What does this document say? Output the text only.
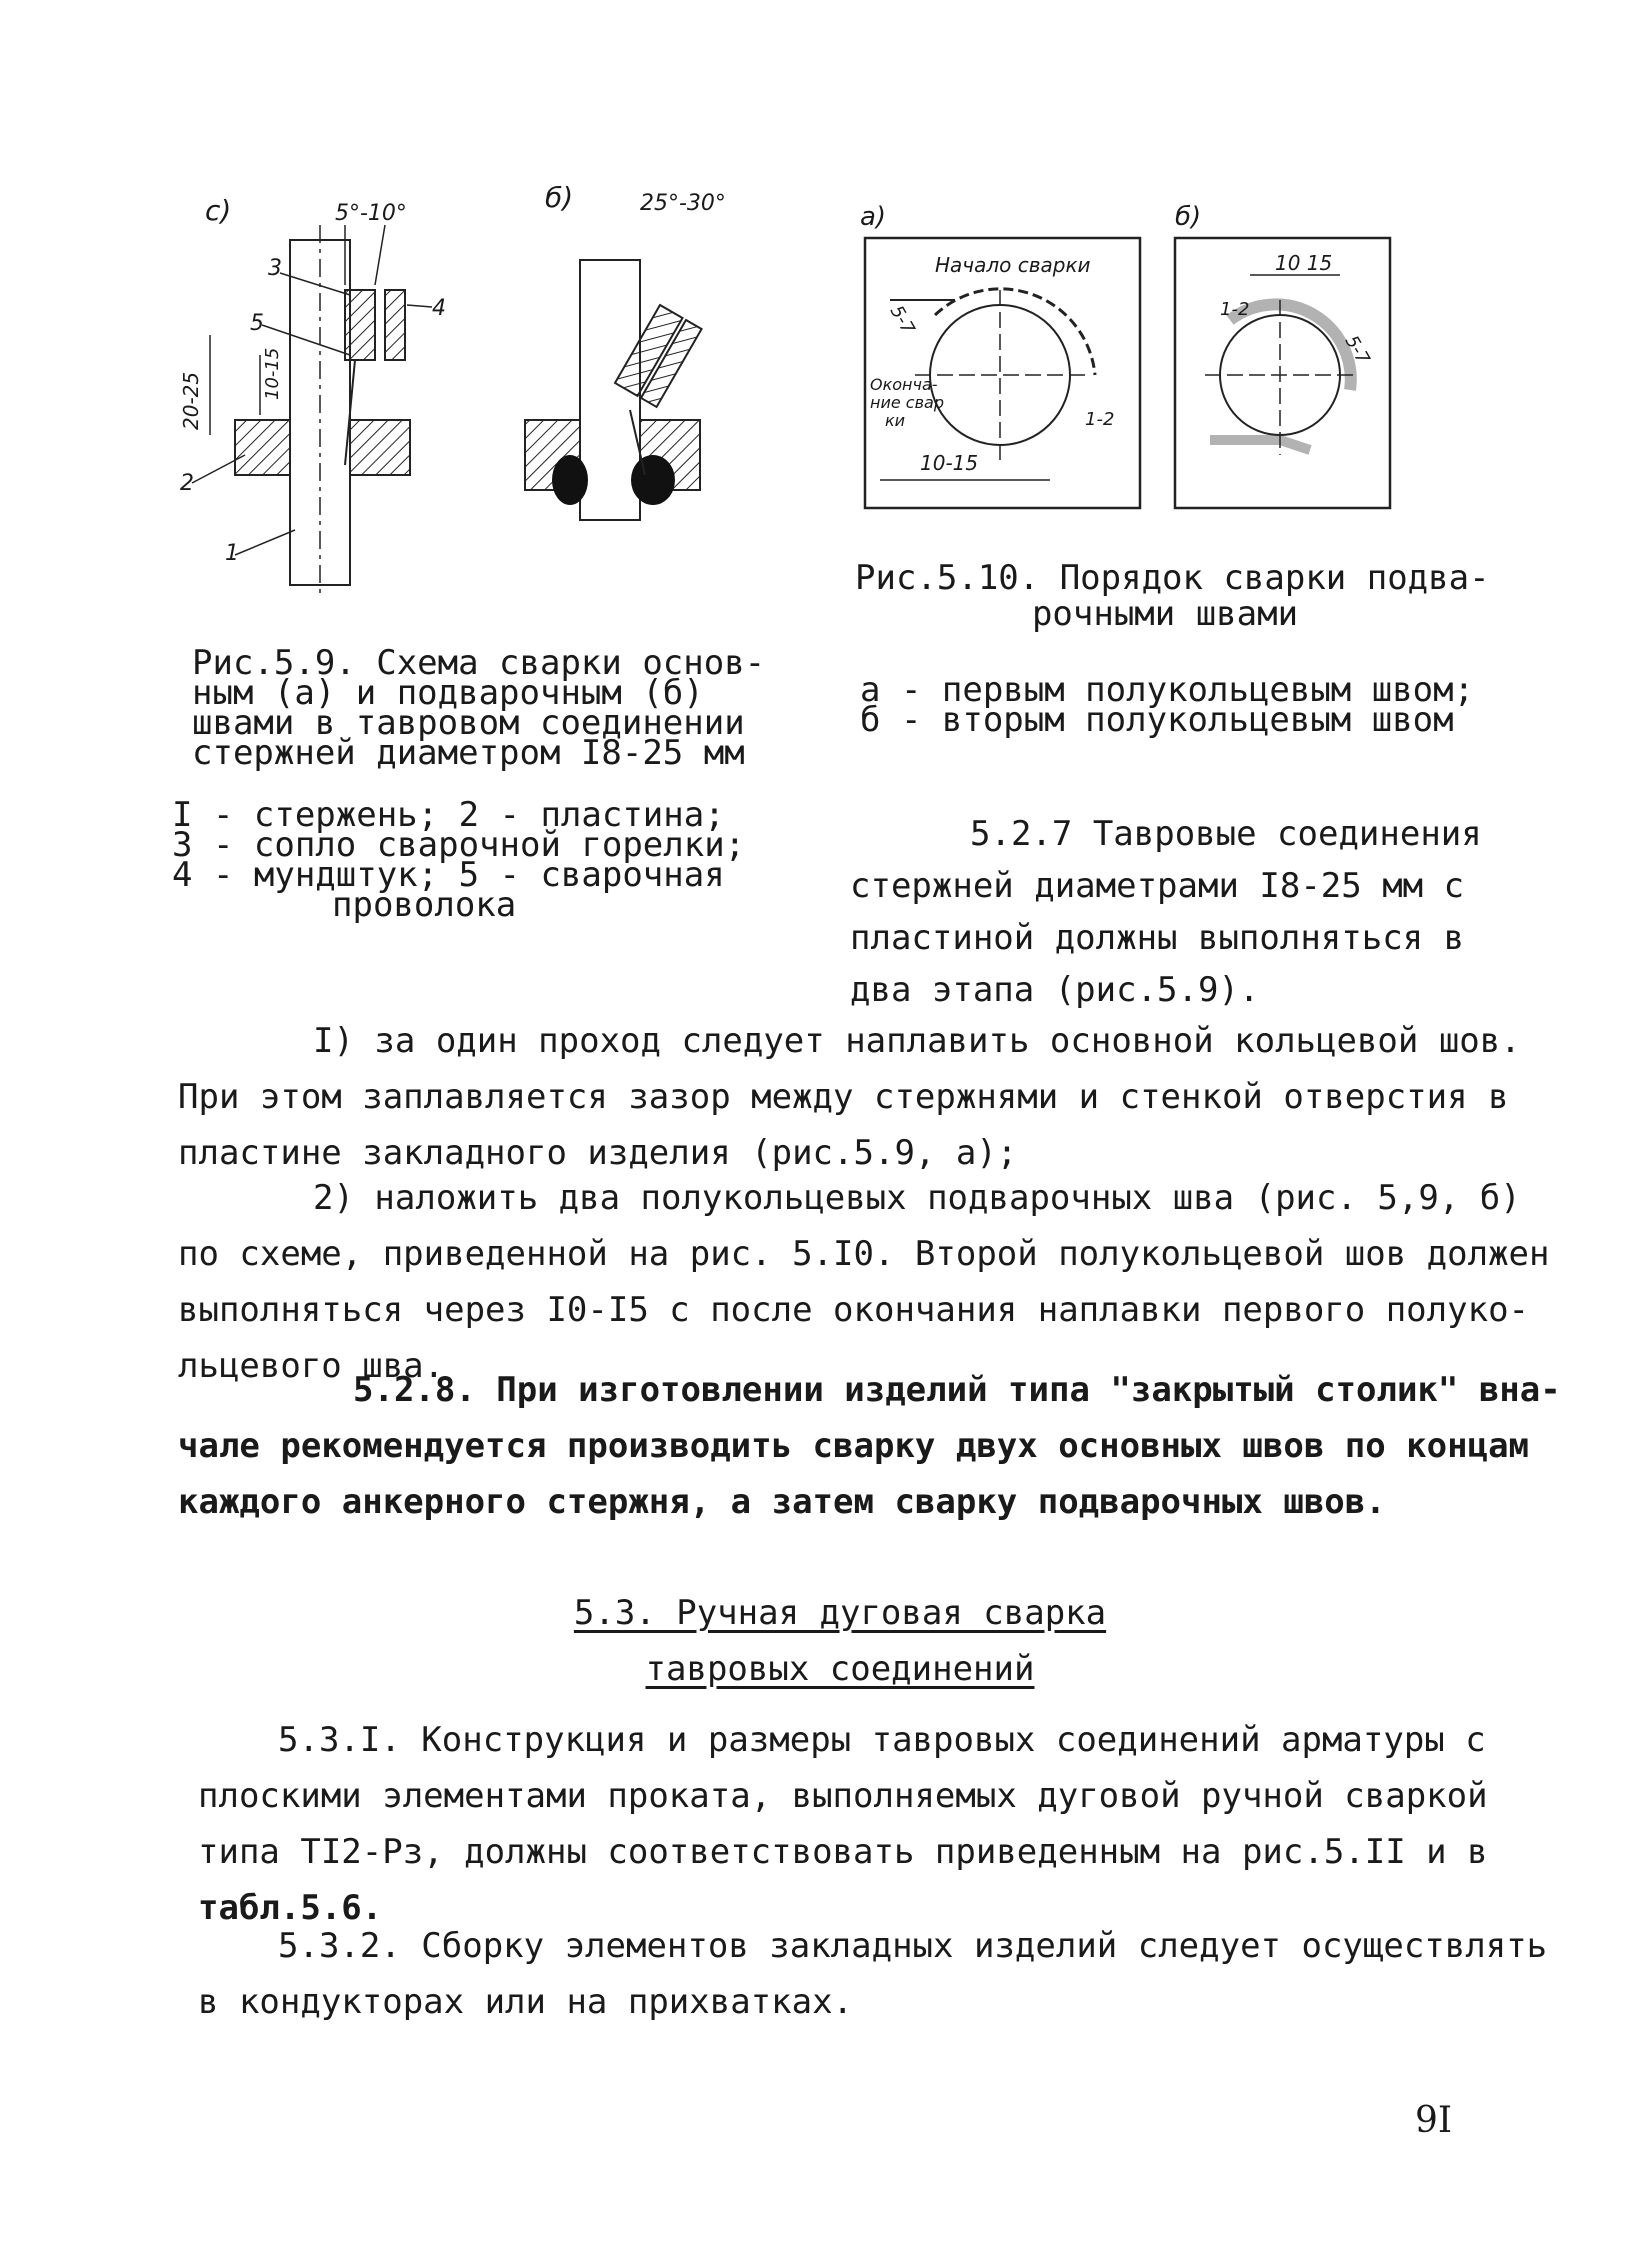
с)	5°-10°
20-25	10-15
3
5
4
2
1
б)	25°-30°
Рис.5.9. Схема сварки основ-
ным (а) и подварочным (б)
швами в тавровом соединении
стержней диаметром I8-25 мм
I - стержень; 2 - пластина;
3 - сопло сварочной горелки;
4 - мундштук; 5 - сварочная
проволока
а)	б)
Начало сварки
5-7
1-2
Оконча-
ние свар
ки
10-15
10 15
1-2
5-7
Рис.5.10. Порядок сварки подва-
рочными швами
а - первым полукольцевым швом;
б - вторым полукольцевым швом
5.2.7 Тавровые соединения
стержней диаметрами I8-25 мм с
пластиной должны выполняться в
два этапа (рис.5.9).
I) за один проход следует наплавить основной кольцевой шов.
При этом заплавляется зазор между стержнями и стенкой отверстия в
пластине закладного изделия (рис.5.9, а);
2) наложить два полукольцевых подварочных шва (рис. 5,9, б)
по схеме, приведенной на рис. 5.I0. Второй полукольцевой шов должен
выполняться через I0-I5 с после окончания наплавки первого полуко-
льцевого шва.
5.2.8. При изготовлении изделий типа "закрытый столик" вна-
чале рекомендуется производить сварку двух основных швов по концам
каждого анкерного стержня, а затем сварку подварочных швов.
5.3. Ручная дуговая сварка
тавровых соединений
5.3.I. Конструкция и размеры тавровых соединений арматуры с
плоскими элементами проката, выполняемых дуговой ручной сваркой
типа ТI2-Рз, должны соответствовать приведенным на рис.5.II и в
табл.5.6.
5.3.2. Сборку элементов закладных изделий следует осуществлять
в кондукторах или на прихватках.
9I
